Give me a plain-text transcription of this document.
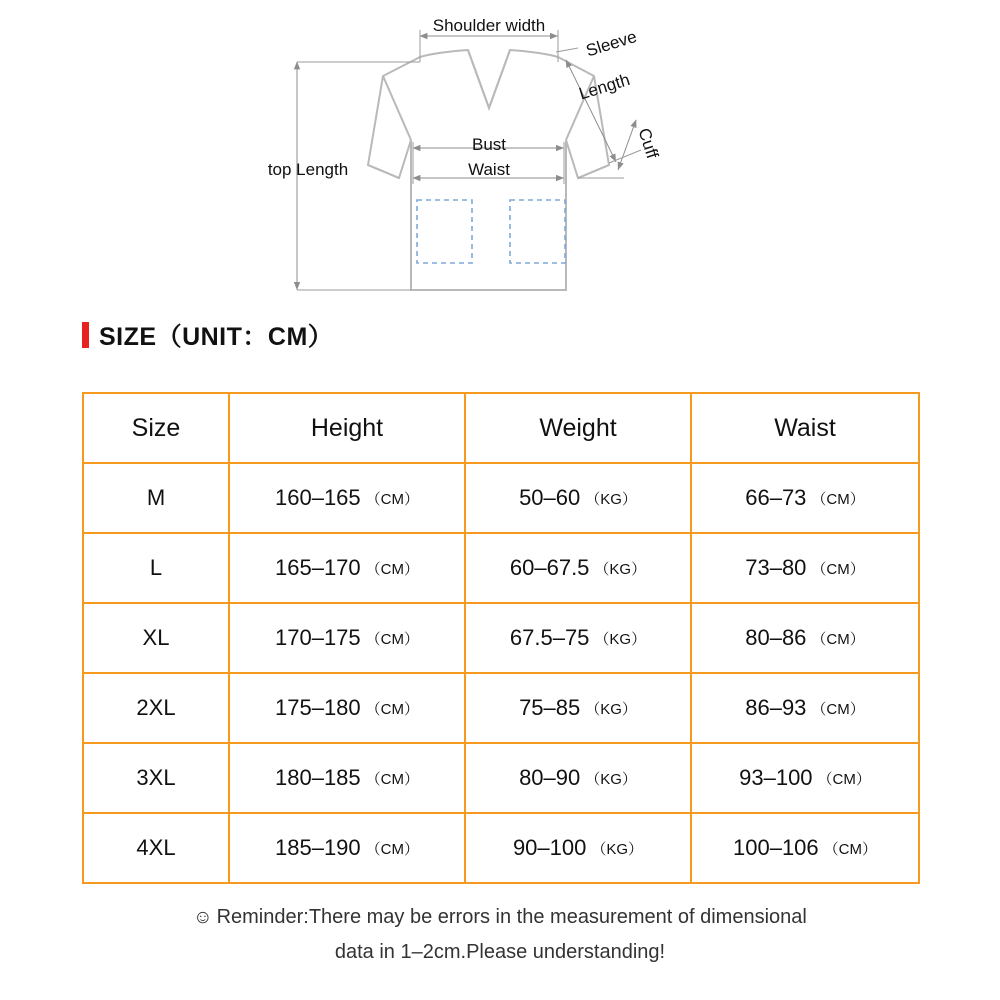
Shoulder width
Sleeve
Length
Cuff
Bust
Waist
top Length
SIZE（UNIT：CM）
Size	Height	Weight	Waist
M	160–165 （CM）	50–60 （KG）	66–73 （CM）
L	165–170 （CM）	60–67.5 （KG）	73–80 （CM）
XL	170–175 （CM）	67.5–75 （KG）	80–86 （CM）
2XL	175–180 （CM）	75–85 （KG）	86–93 （CM）
3XL	180–185 （CM）	80–90 （KG）	93–100 （CM）
4XL	185–190 （CM）	90–100 （KG）	100–106 （CM）
☺ Reminder:There may be errors in the measurement of dimensional
data in 1–2cm.Please understanding!
